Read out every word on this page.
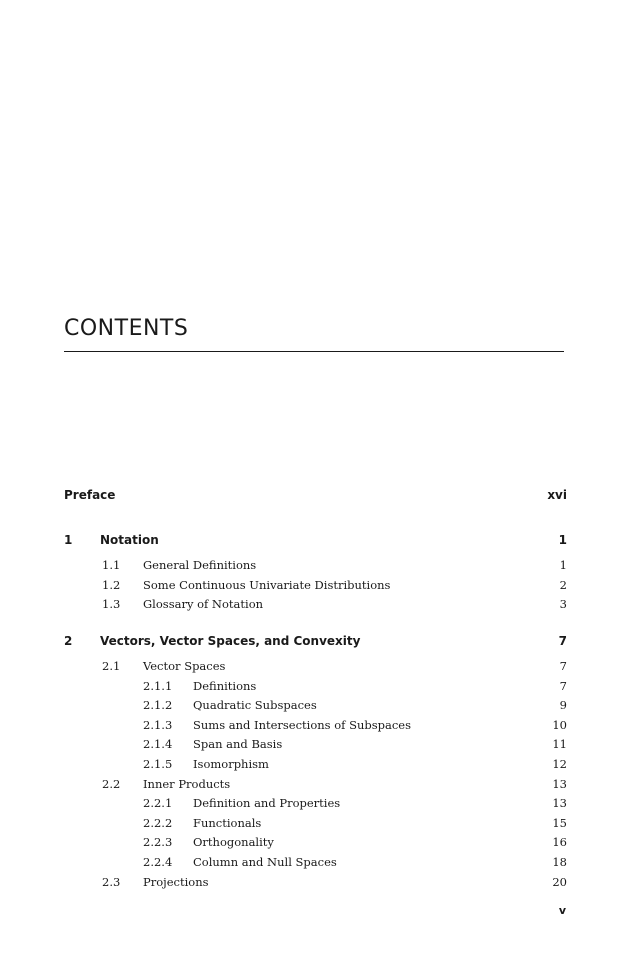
CONTENTS
Preface	xvi
1 Notation	1
1.1 General Definitions	1
1.2 Some Continuous Univariate Distributions	2
1.3 Glossary of Notation	3
2 Vectors, Vector Spaces, and Convexity	7
2.1 Vector Spaces	7
2.1.1 Definitions	7
2.1.2 Quadratic Subspaces	9
2.1.3 Sums and Intersections of Subspaces	10
2.1.4 Span and Basis	11
2.1.5 Isomorphism	12
2.2 Inner Products	13
2.2.1 Definition and Properties	13
2.2.2 Functionals	15
2.2.3 Orthogonality	16
2.2.4 Column and Null Spaces	18
2.3 Projections	20
v
